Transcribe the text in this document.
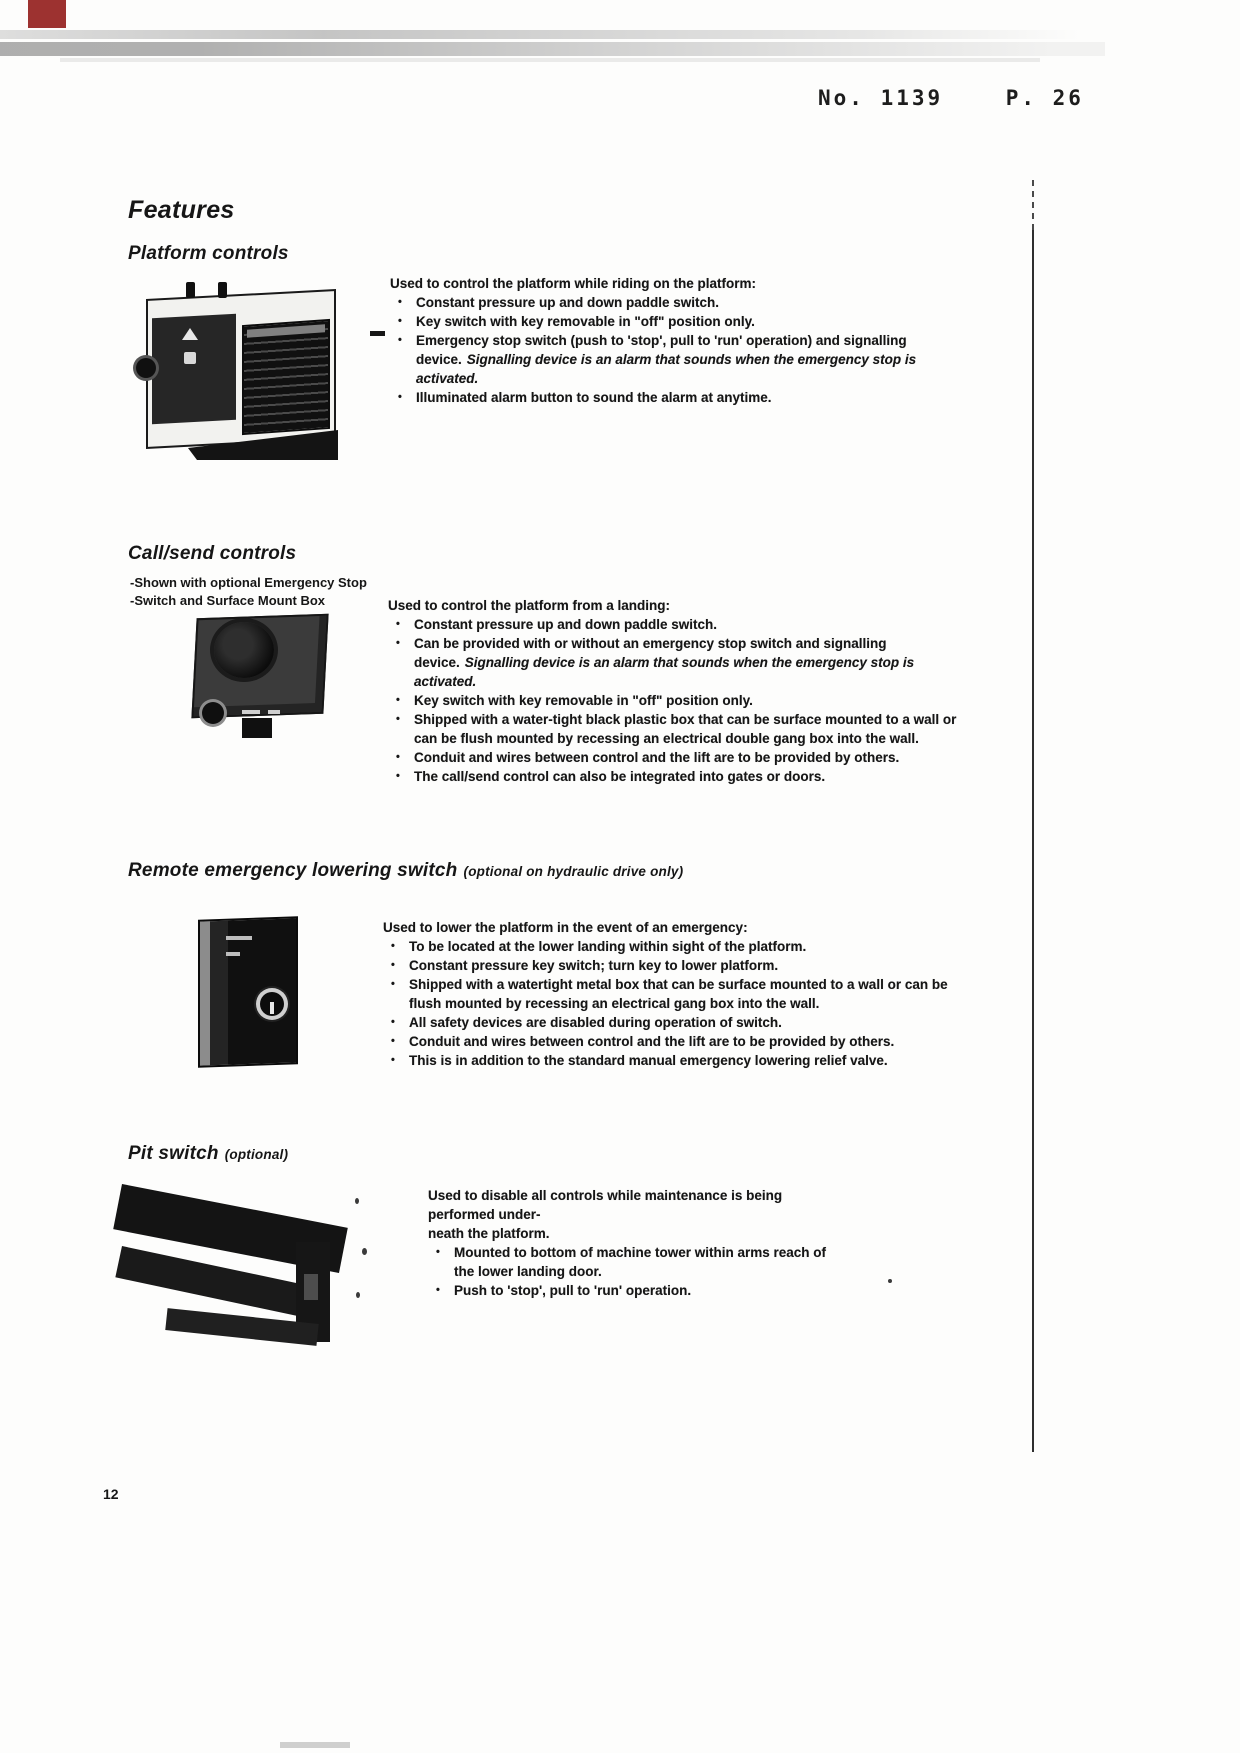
No. 1139    P. 26
Features
Platform controls
Used to control the platform while riding on the platform:
• Constant pressure up and down paddle switch.
• Key switch with key removable in "off" position only.
• Emergency stop switch (push to 'stop', pull to 'run' operation) and signalling device. Signalling device is an alarm that sounds when the emergency stop is activated.
• Illuminated alarm button to sound the alarm at anytime.
Call/send controls
-Shown with optional Emergency Stop
-Switch and Surface Mount Box	Used to control the platform from a landing:
• Constant pressure up and down paddle switch.
• Can be provided with or without an emergency stop switch and signalling device. Signalling device is an alarm that sounds when the emergency stop is activated.
• Key switch with key removable in "off" position only.
• Shipped with a water-tight black plastic box that can be surface mounted to a wall or can be flush mounted by recessing an electrical double gang box into the wall.
• Conduit and wires between control and the lift are to be provided by others.
• The call/send control can also be integrated into gates or doors.
Remote emergency lowering switch (optional on hydraulic drive only)
Used to lower the platform in the event of an emergency:
• To be located at the lower landing within sight of the platform.
• Constant pressure key switch; turn key to lower platform.
• Shipped with a watertight metal box that can be surface mounted to a wall or can be flush mounted by recessing an electrical gang box into the wall.
• All safety devices are disabled during operation of switch.
• Conduit and wires between control and the lift are to be provided by others.
• This is in addition to the standard manual emergency lowering relief valve.
Pit switch (optional)
Used to disable all controls while maintenance is being performed under-
neath the platform.
• Mounted to bottom of machine tower within arms reach of the lower landing door.
• Push to 'stop', pull to 'run' operation.
12
